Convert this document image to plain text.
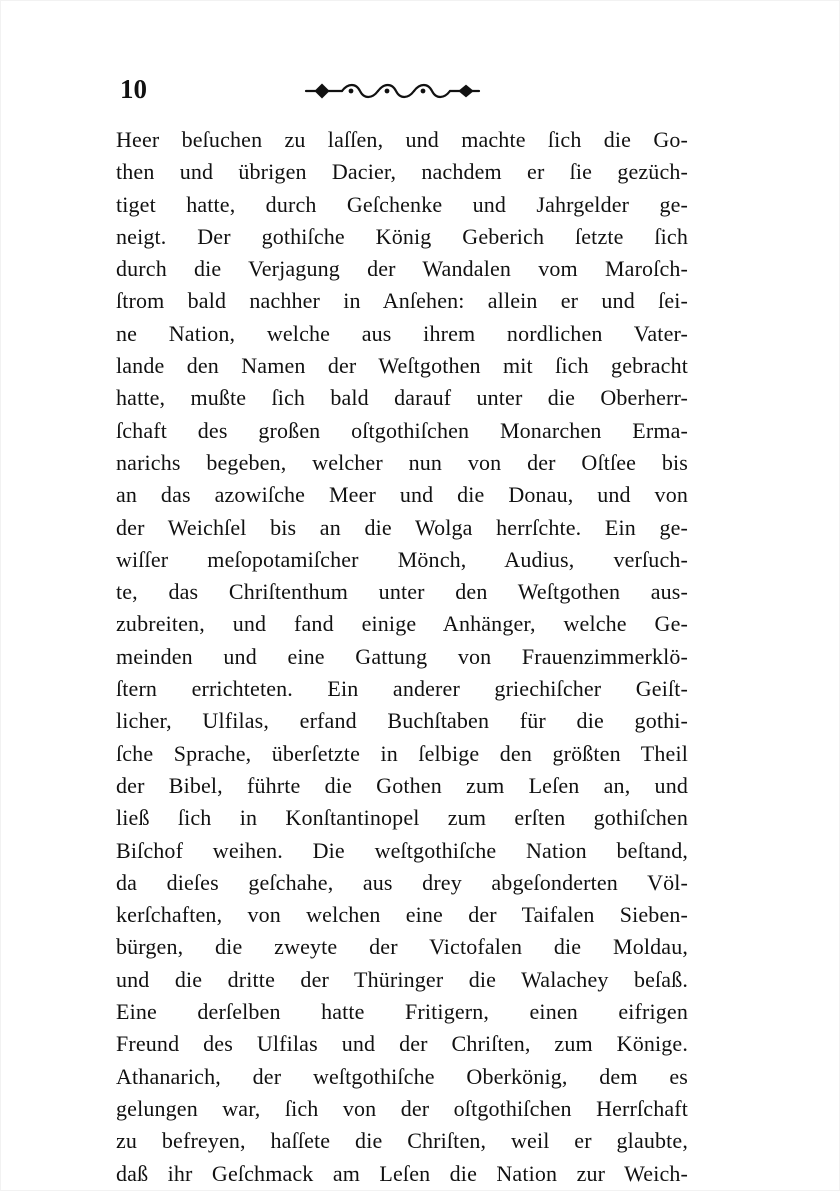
10
Heer beſuchen zu laſſen, und machte ſich die Go-
then und übrigen Dacier, nachdem er ſie gezüch-
tiget hatte, durch Geſchenke und Jahrgelder ge-
neigt. Der gothiſche König Geberich ſetzte ſich
durch die Verjagung der Wandalen vom Maroſch-
ſtrom bald nachher in Anſehen: allein er und ſei-
ne Nation, welche aus ihrem nordlichen Vater-
lande den Namen der Weſtgothen mit ſich gebracht
hatte, mußte ſich bald darauf unter die Oberherr-
ſchaft des großen oſtgothiſchen Monarchen Erma-
narichs begeben, welcher nun von der Oſtſee bis
an das azowiſche Meer und die Donau, und von
der Weichſel bis an die Wolga herrſchte. Ein ge-
wiſſer meſopotamiſcher Mönch, Audius, verſuch-
te, das Chriſtenthum unter den Weſtgothen aus-
zubreiten, und fand einige Anhänger, welche Ge-
meinden und eine Gattung von Frauenzimmerklö-
ſtern errichteten. Ein anderer griechiſcher Geiſt-
licher, Ulfilas, erfand Buchſtaben für die gothi-
ſche Sprache, überſetzte in ſelbige den größten Theil
der Bibel, führte die Gothen zum Leſen an, und
ließ ſich in Konſtantinopel zum erſten gothiſchen
Biſchof weihen. Die weſtgothiſche Nation beſtand,
da dieſes geſchahe, aus drey abgeſonderten Völ-
kerſchaften, von welchen eine der Taifalen Sieben-
bürgen, die zweyte der Victofalen die Moldau,
und die dritte der Thüringer die Walachey beſaß.
Eine derſelben hatte Fritigern, einen eifrigen
Freund des Ulfilas und der Chriſten, zum Könige.
Athanarich, der weſtgothiſche Oberkönig, dem es
gelungen war, ſich von der oſtgothiſchen Herrſchaft
zu befreyen, haſſete die Chriſten, weil er glaubte,
daß ihr Geſchmack am Leſen die Nation zur Weich-
